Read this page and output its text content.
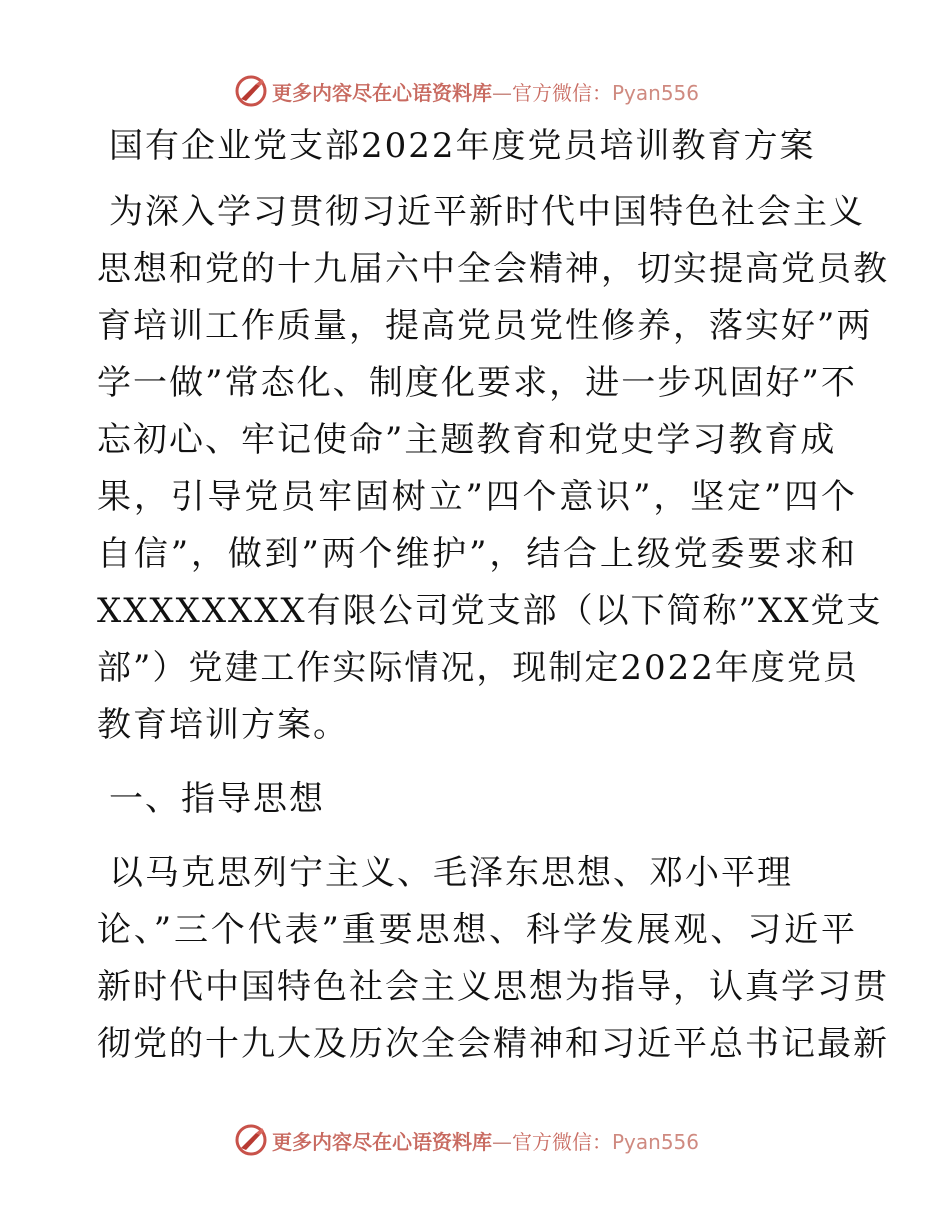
更多内容尽在心语资料库—官方微信：Pyan556
国有企业党支部2022年度党员培训教育方案
为深入学习贯彻习近平新时代中国特色社会主义
思想和党的十九届六中全会精神，切实提高党员教
育培训工作质量，提高党员党性修养，落实好”两
学一做”常态化、制度化要求，进一步巩固好”不
忘初心、牢记使命”主题教育和党史学习教育成
果，引导党员牢固树立”四个意识”，坚定”四个
自信”，做到”两个维护”，结合上级党委要求和
XXXXXXXX有限公司党支部（以下简称”XX党支
部”）党建工作实际情况，现制定2022年度党员
教育培训方案。
一、指导思想
以马克思列宁主义、毛泽东思想、邓小平理
论、”三个代表”重要思想、科学发展观、习近平
新时代中国特色社会主义思想为指导，认真学习贯
彻党的十九大及历次全会精神和习近平总书记最新
更多内容尽在心语资料库—官方微信：Pyan556
